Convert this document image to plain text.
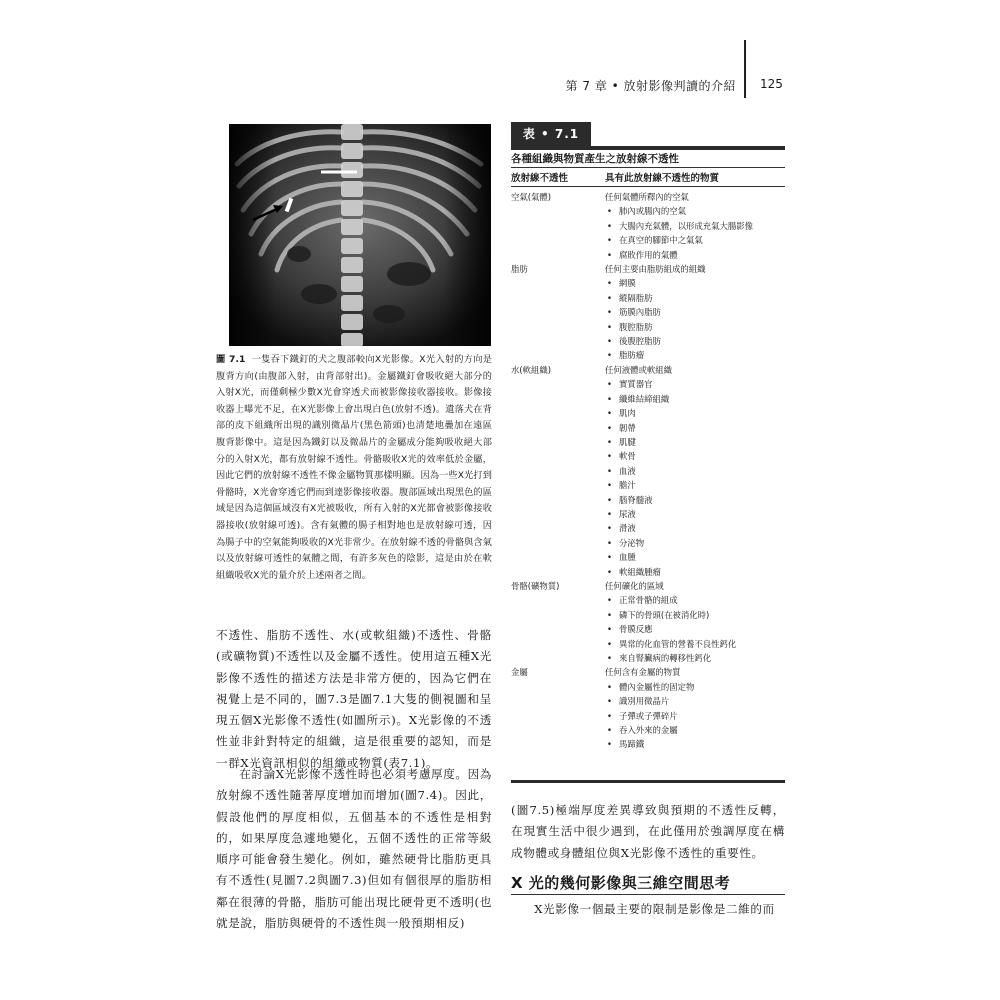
第 7 章 • 放射影像判讀的介紹 125
圖 7.1 一隻吞下鐵釘的犬之腹部較向X光影像。X光入射的方向是腹背方向(由腹部入射，由背部射出)。金屬鐵釘會吸收絕大部分的入射X光，而僅剩極少數X光會穿透犬而被影像接收器接收。影像接收器上曝光不足，在X光影像上會出現白色(放射不透)。遺落犬在背部的皮下組織所出現的識別微晶片(黑色箭頭)也清楚地疊加在遠區腹背影像中。這是因為鐵釘以及微晶片的金屬成分能夠吸收絕大部分的入射X光，都有放射線不透性。骨骼吸收X光的效率低於金屬，因此它們的放射線不透性不像金屬物質那樣明顯。因為一些X光打到骨骼時，X光會穿透它們而到達影像接收器。腹部區域出現黑色的區域是因為這個區域沒有X光被吸收，所有入射的X光都會被影像接收器接收(放射線可透)。含有氣體的腸子相對地也是放射線可透，因為腸子中的空氣能夠吸收的X光非常少。在放射線不透的骨骼與含氣以及放射線可透性的氣體之間，有許多灰色的陰影，這是由於在軟組織吸收X光的量介於上述兩者之間。
不透性、脂肪不透性、水(或軟組織)不透性、骨骼(或礦物質)不透性以及金屬不透性。使用這五種X光影像不透性的描述方法是非常方便的，因為它們在視覺上是不同的，圖7.3是圖7.1大隻的側視圖和呈現五個X光影像不透性(如圖所示)。X光影像的不透性並非針對特定的組織，這是很重要的認知，而是一群X光資訊相似的組織或物質(表7.1)。
在討論X光影像不透性時也必須考慮厚度。因為放射線不透性隨著厚度增加而增加(圖7.4)。因此，假設他們的厚度相似，五個基本的不透性是相對的，如果厚度急遽地變化，五個不透性的正常等級順序可能會發生變化。例如，雖然硬骨比脂肪更具有不透性(見圖7.2與圖7.3)但如有個很厚的脂肪相鄰在很薄的骨骼，脂肪可能出現比硬骨更不透明(也就是說，脂肪與硬骨的不透性與一般預期相反)
表 • 7.1
各種組織與物質產生之放射線不透性
放射線不透性	具有此放射線不透性的物質
空氣(氣體)	任何氣體所釋內的空氣
• 肺內或腸內的空氣
• 大腸內充氣體，以形成充氣大腸影像
• 在真空的腳節中之氣氣
• 腐敗作用的氣體
脂肪	任何主要由脂肪組成的組織
• 網膜
• 縱隔脂肪
• 筋膜內脂肪
• 腹腔脂肪
• 後腹腔脂肪
• 脂肪瘤
水(軟組織)	任何液體或軟組織
• 實質器官
• 纖維結締組織
• 肌肉
• 韌帶
• 肌腱
• 軟骨
• 血液
• 膽汁
• 腦脊髓液
• 尿液
• 滑液
• 分泌物
• 血腫
• 軟組織腫瘤
骨骼(礦物質)	任何礦化的區域
• 正常骨骼的組成
• 磷下的骨頭(在被消化時)
• 骨膜反應
• 異常的化血管的營養不良性鈣化
• 來自腎臟病的轉移性鈣化
金屬	任何含有金屬的物質
• 體內金屬性的固定物
• 識別用微晶片
• 子彈或子彈碎片
• 吞入外來的金屬
• 馬蹄鐵
(圖7.5)極端厚度差異導致與預期的不透性反轉，在現實生活中很少遇到，在此僅用於強調厚度在構成物體或身體組位與X光影像不透性的重要性。
X 光的幾何影像與三維空間思考
X光影像一個最主要的限制是影像是二維的而
